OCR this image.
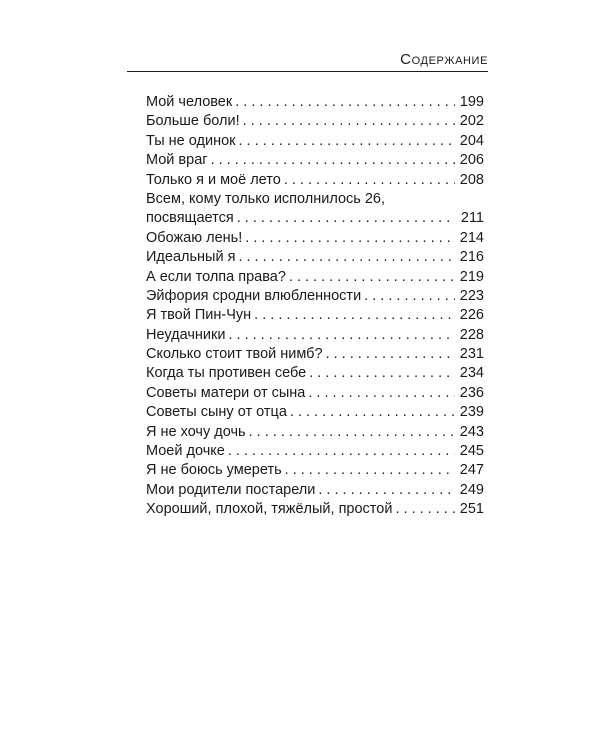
Содержание
Мой человек . . .	199
Больше боли! . . .	202
Ты не одинок . . .	204
Мой враг . . .	206
Только я и моё лето . . .	208
Всем, кому только исполнилось 26,
посвящается . . .	211
Обожаю лень! . . .	214
Идеальный я . . .	216
А если толпа права? . . .	219
Эйфория сродни влюбленности . . .	223
Я твой Пин-Чун . . .	226
Неудачники . . .	228
Сколько стоит твой нимб? . . .	231
Когда ты противен себе . . .	234
Советы матери от сына . . .	236
Советы сыну от отца . . .	239
Я не хочу дочь . . .	243
Моей дочке . . .	245
Я не боюсь умереть . . .	247
Мои родители постарели . . .	249
Хороший, плохой, тяжёлый, простой . . .	251
